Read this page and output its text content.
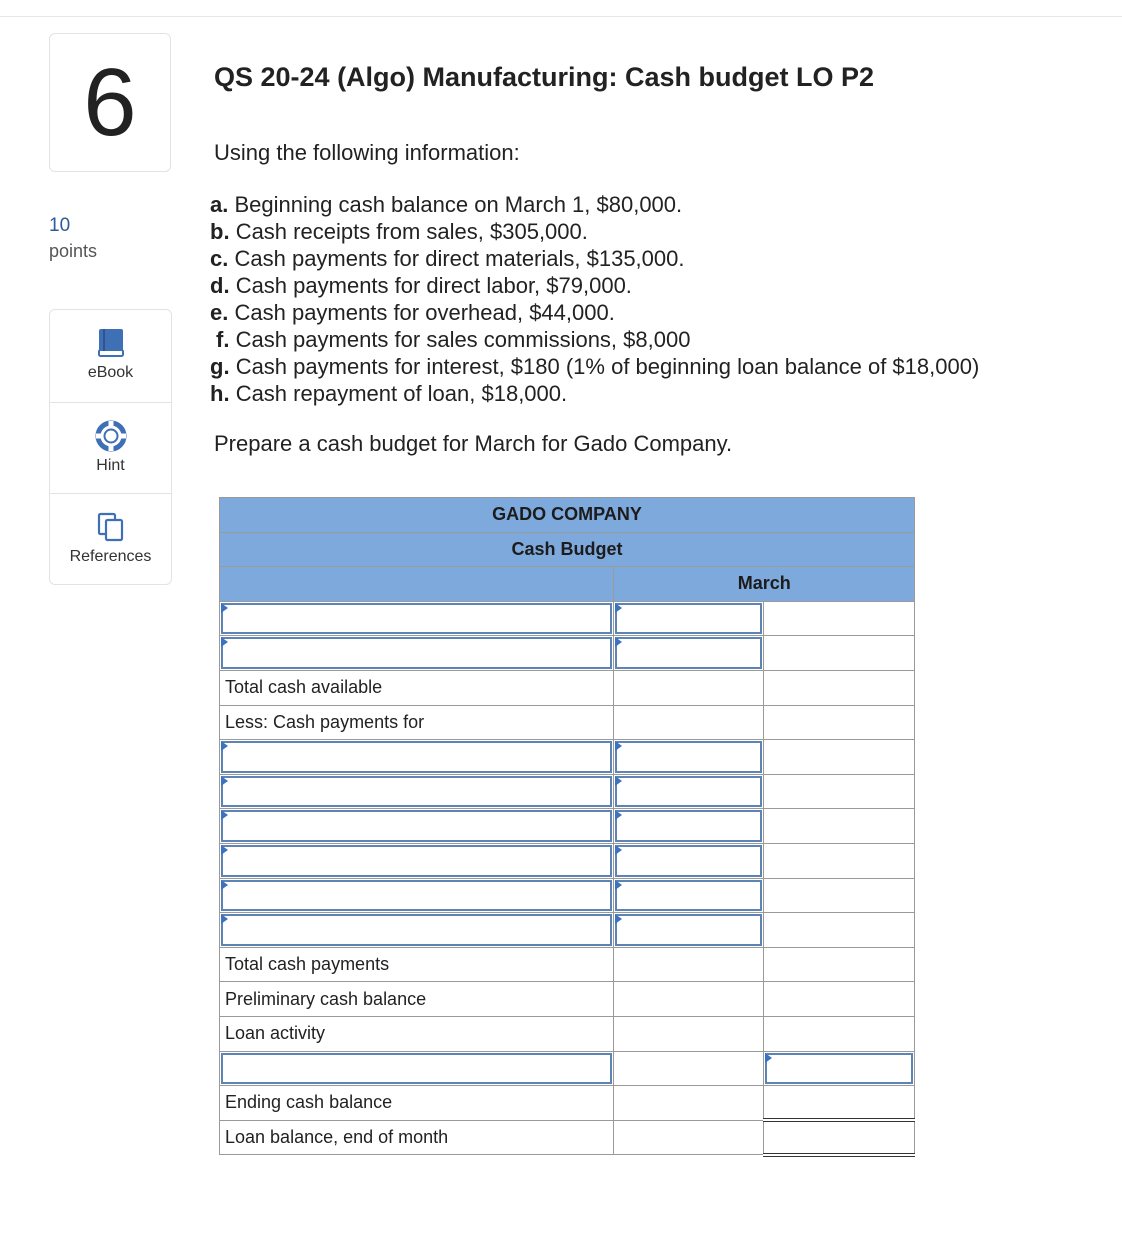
6
10
points
eBook
Hint
References
QS 20-24 (Algo) Manufacturing: Cash budget LO P2
Using the following information:
a. Beginning cash balance on March 1, $80,000.
b. Cash receipts from sales, $305,000.
c. Cash payments for direct materials, $135,000.
d. Cash payments for direct labor, $79,000.
e. Cash payments for overhead, $44,000.
f. Cash payments for sales commissions, $8,000
g. Cash payments for interest, $180 (1% of beginning loan balance of $18,000)
h. Cash repayment of loan, $18,000.
Prepare a cash budget for March for Gado Company.
GADO COMPANY		
Cash Budget		
	March	

Total cash available		
Less: Cash payments for		

Total cash payments		
Preliminary cash balance		
Loan activity		

Ending cash balance		
Loan balance, end of month		
